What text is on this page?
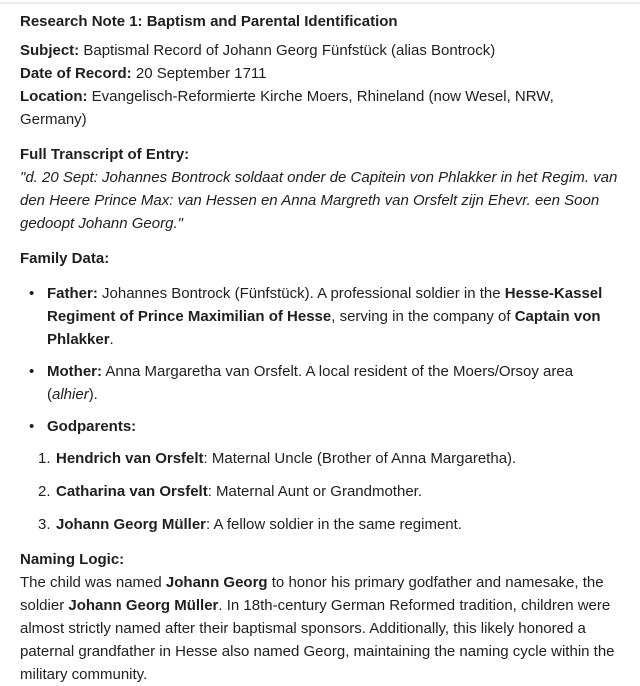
Research Note 1: Baptism and Parental Identification

Subject: Baptismal Record of Johann Georg Fünfstück (alias Bontrock)
Date of Record: 20 September 1711
Location: Evangelisch-Reformierte Kirche Moers, Rhineland (now Wesel, NRW, Germany)
Full Transcript of Entry:
"d. 20 Sept: Johannes Bontrock soldaat onder de Capitein von Phlakker in het Regim. van den Heere Prince Max: van Hessen en Anna Margreth van Orsfelt zijn Ehevr. een Soon gedoopt Johann Georg."
Family Data:
• Father: Johannes Bontrock (Fünfstück). A professional soldier in the Hesse-Kassel Regiment of Prince Maximilian of Hesse, serving in the company of Captain von Phlakker.
• Mother: Anna Margaretha van Orsfelt. A local resident of the Moers/Orsoy area (alhier).
• Godparents:
1. Hendrich van Orsfelt: Maternal Uncle (Brother of Anna Margaretha).
2. Catharina van Orsfelt: Maternal Aunt or Grandmother.
3. Johann Georg Müller: A fellow soldier in the same regiment.
Naming Logic:
The child was named Johann Georg to honor his primary godfather and namesake, the soldier Johann Georg Müller. In 18th-century German Reformed tradition, children were almost strictly named after their baptismal sponsors. Additionally, this likely honored a paternal grandfather in Hesse also named Georg, maintaining the naming cycle within the military community.
